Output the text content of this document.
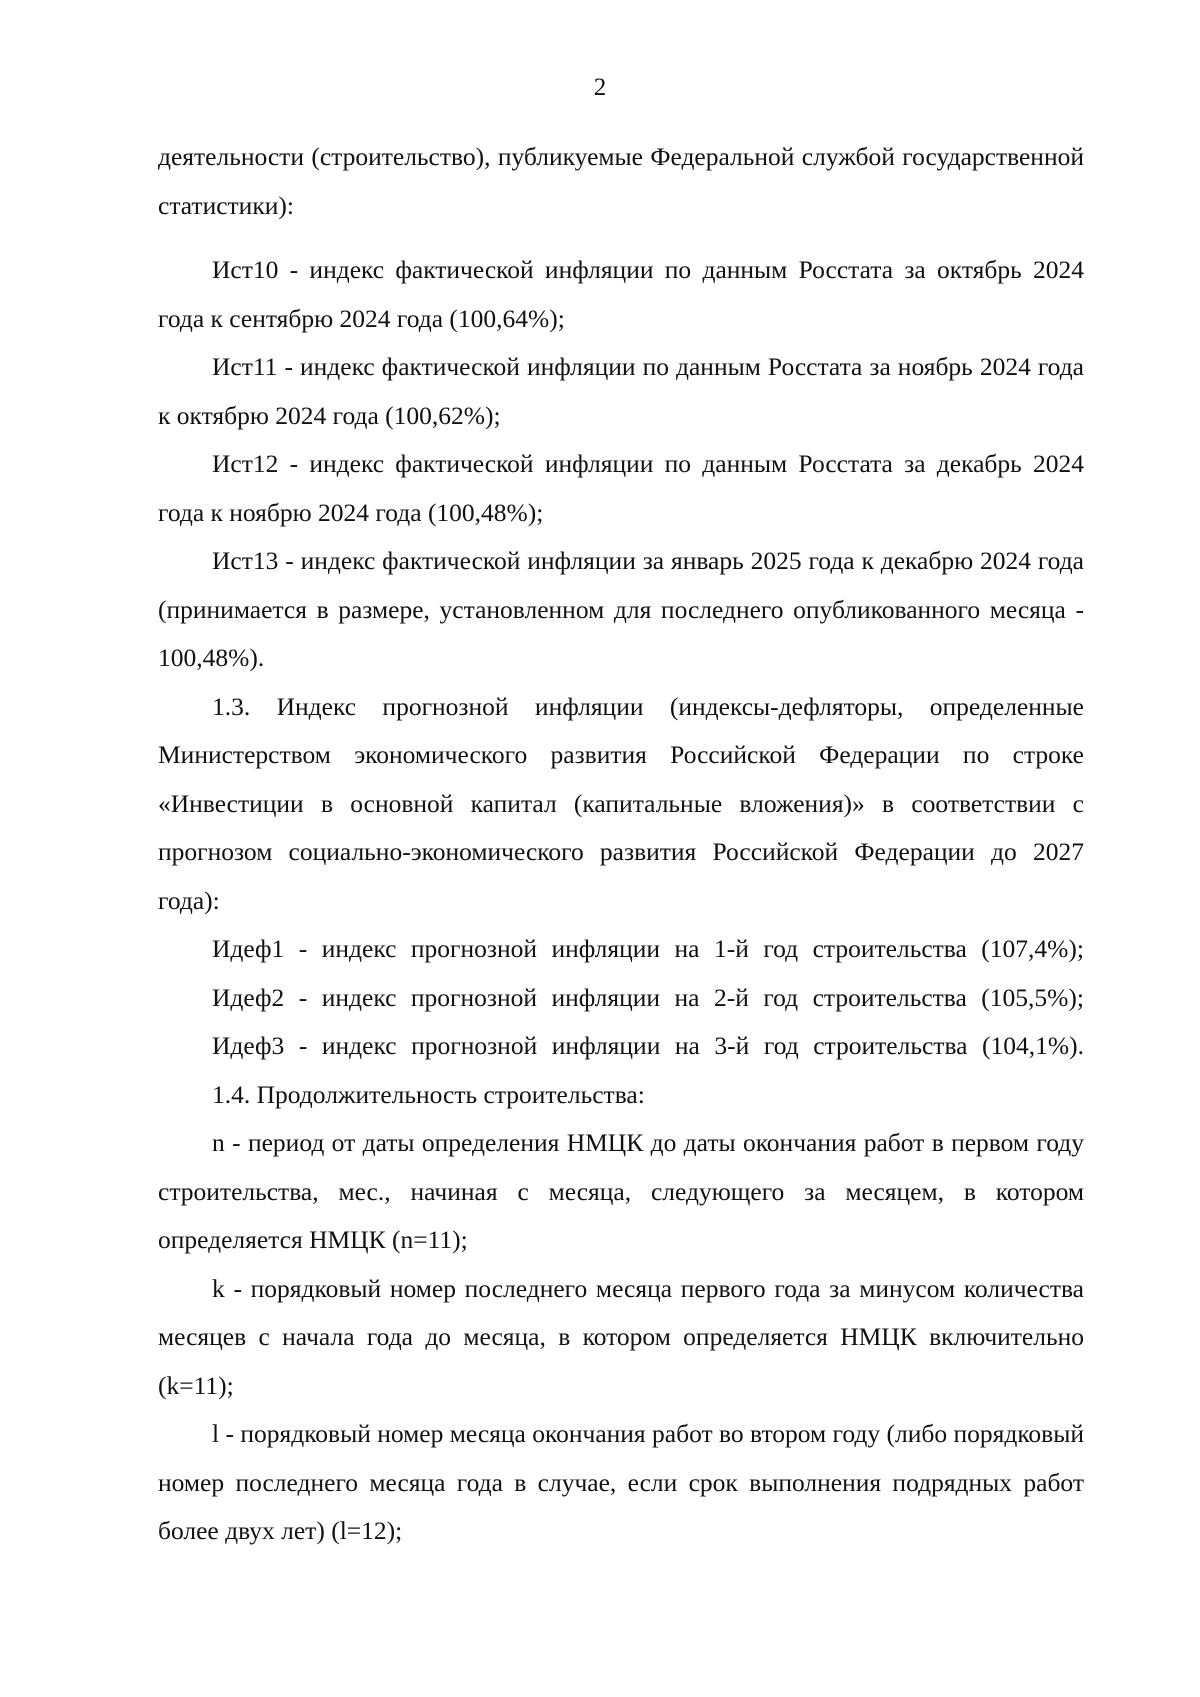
2

деятельности (строительство), публикуемые Федеральной службой государственной статистики):

Ист10 - индекс фактической инфляции по данным Росстата за октябрь 2024 года к сентябрю 2024 года (100,64%);

Ист11 - индекс фактической инфляции по данным Росстата за ноябрь 2024 года к октябрю 2024 года (100,62%);

Ист12 - индекс фактической инфляции по данным Росстата за декабрь 2024 года к ноябрю 2024 года (100,48%);

Ист13 - индекс фактической инфляции за январь 2025 года к декабрю 2024 года (принимается в размере, установленном для последнего опубликованного месяца - 100,48%).

1.3. Индекс прогнозной инфляции (индексы-дефляторы, определенные Министерством экономического развития Российской Федерации по строке «Инвестиции в основной капитал (капитальные вложения)» в соответствии с прогнозом социально-экономического развития Российской Федерации до 2027 года):

Идеф1 - индекс прогнозной инфляции на 1-й год строительства (107,4%);

Идеф2 - индекс прогнозной инфляции на 2-й год строительства (105,5%);

Идеф3 - индекс прогнозной инфляции на 3-й год строительства (104,1%).

1.4. Продолжительность строительства:

n - период от даты определения НМЦК до даты окончания работ в первом году строительства, мес., начиная с месяца, следующего за месяцем, в котором определяется НМЦК (n=11);

k - порядковый номер последнего месяца первого года за минусом количества месяцев с начала года до месяца, в котором определяется НМЦК включительно (k=11);

l - порядковый номер месяца окончания работ во втором году (либо порядковый номер последнего месяца года в случае, если срок выполнения подрядных работ более двух лет) (l=12);
